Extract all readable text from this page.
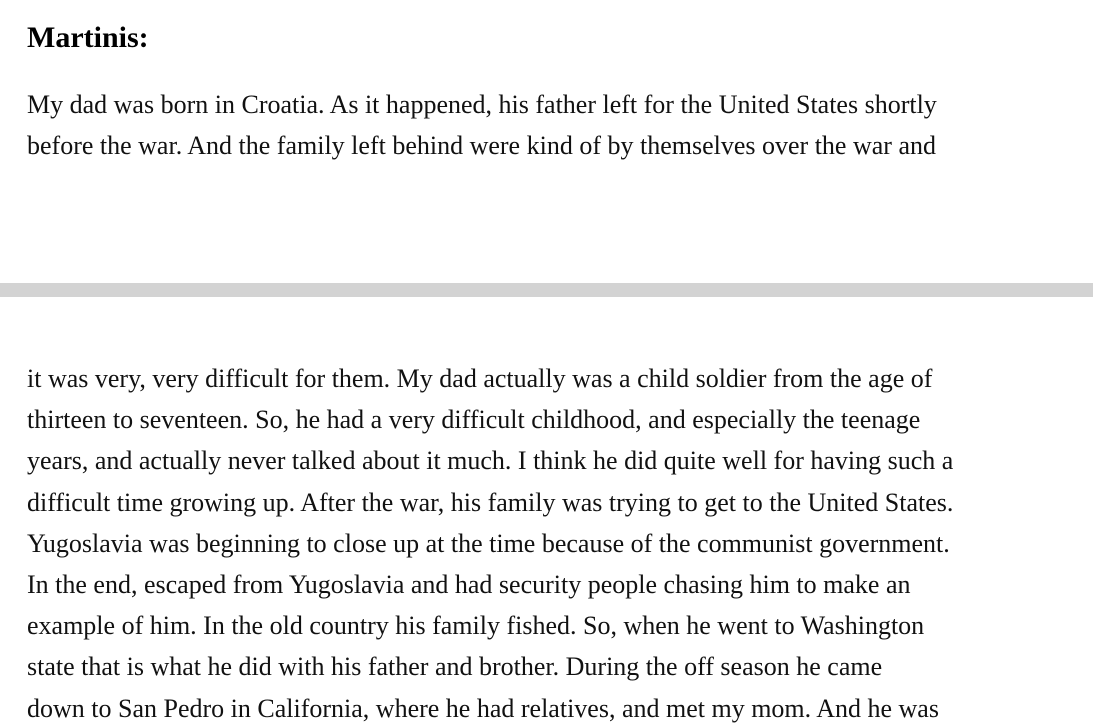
Martinis:

My dad was born in Croatia. As it happened, his father left for the United States shortly
before the war. And the family left behind were kind of by themselves over the war and

it was very, very difficult for them. My dad actually was a child soldier from the age of
thirteen to seventeen. So, he had a very difficult childhood, and especially the teenage
years, and actually never talked about it much. I think he did quite well for having such a
difficult time growing up. After the war, his family was trying to get to the United States.
Yugoslavia was beginning to close up at the time because of the communist government.
In the end, escaped from Yugoslavia and had security people chasing him to make an
example of him. In the old country his family fished. So, when he went to Washington
state that is what he did with his father and brother. During the off season he came
down to San Pedro in California, where he had relatives, and met my mom. And he was
